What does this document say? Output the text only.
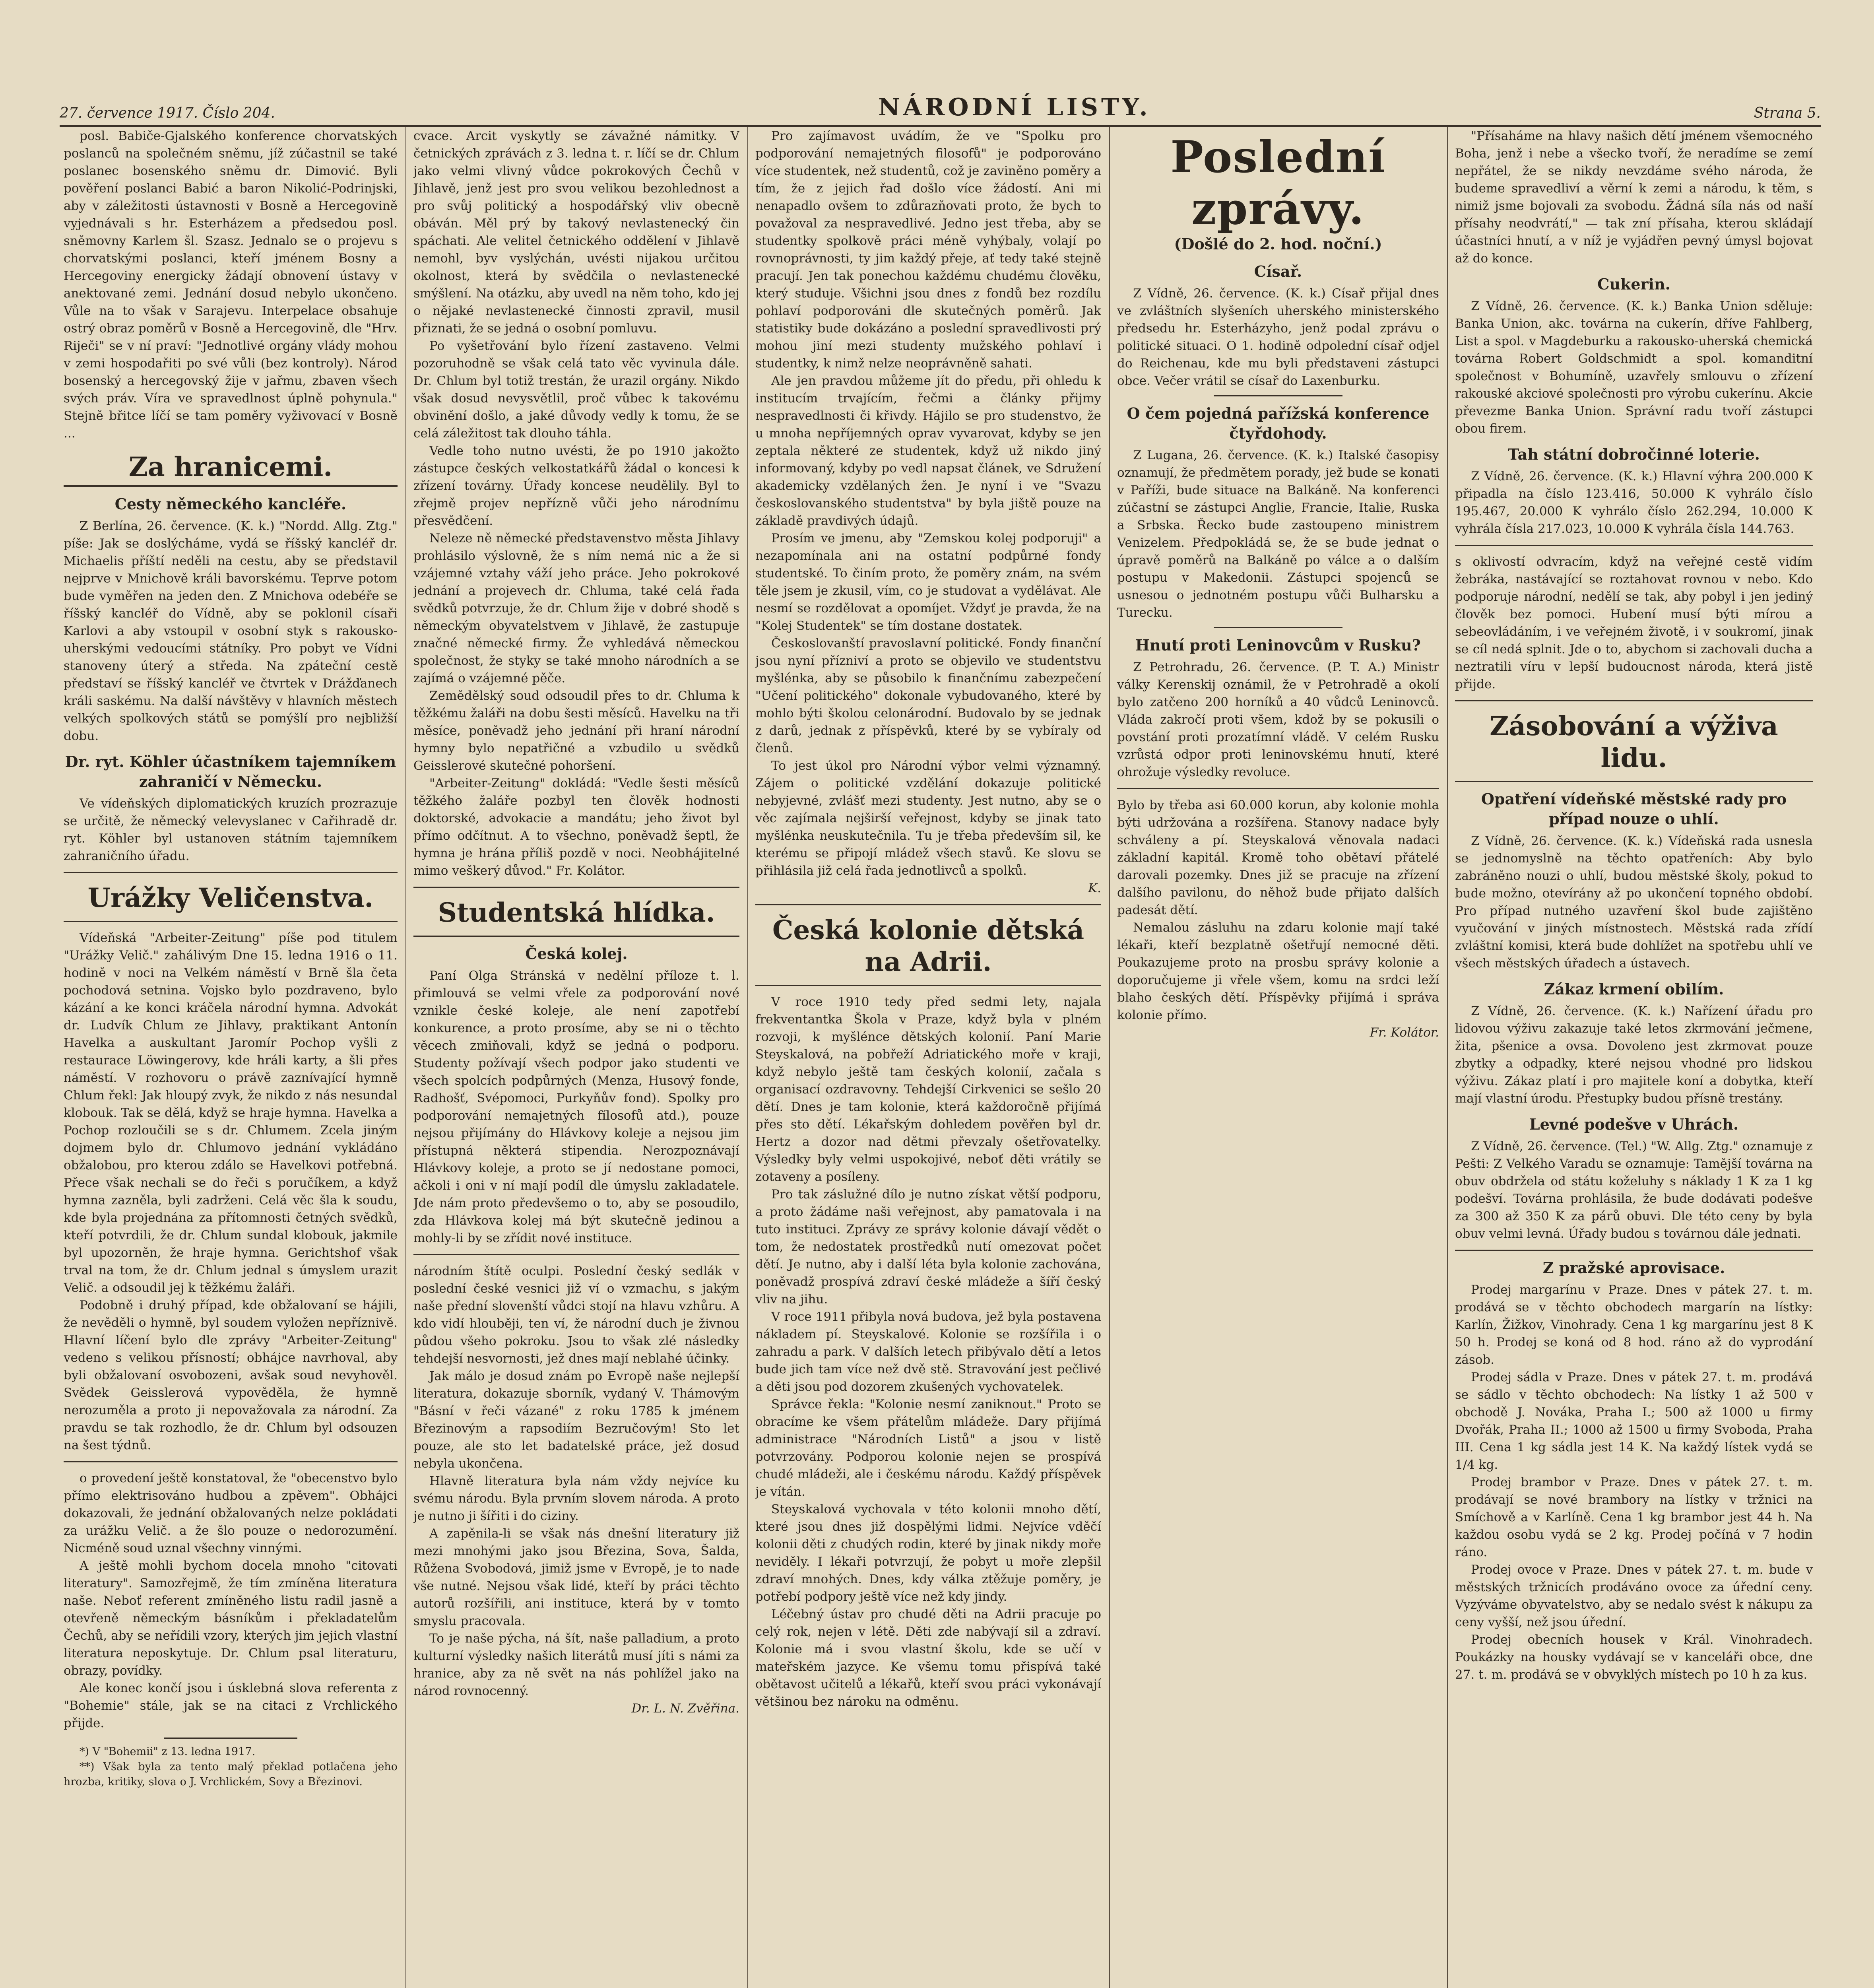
27. července 1917. Číslo 204.	NÁRODNÍ LISTY.	Strana 5.

posl. Babiče-Gjalského konference chorvatských poslanců na společném sněmu, jíž zúčastnil se také poslanec bosenského sněmu dr. Dimović. Byli pověření poslanci Babić a baron Nikolić-Podrinjski, aby v záležitosti ústavnosti v Bosně a Hercegovině vyjednávali s hr. Esterházem a předsedou posl. sněmovny Karlem šl. Szasz. Jednalo se o projevu s chorvatskými poslanci, kteří jménem Bosny a Hercegoviny energicky žádají obnovení ústavy v anektované zemi. Jednání dosud nebylo ukončeno. Vůle na to však v Sarajevu. Interpelace obsahuje ostrý obraz poměrů v Bosně a Hercegovině, dle "Hrv. Riječi" se v ní praví: "Jednotlivé orgány vlády mohou v zemi hospodařiti po své vůli (bez kontroly). Národ bosenský a hercegovský žije v jařmu, zbaven všech svých práv. Víra ve spravedlnost úplně pohynula." Stejně břitce líčí se tam poměry vyživovací v Bosně ...

Za hranicemi.
Cesty německého kancléře.

Z Berlína, 26. července. (K. k.) "Nordd. Allg. Ztg." píše: Jak se doslýcháme, vydá se říšský kancléř dr. Michaelis příští neděli na cestu, aby se představil nejprve v Mnichově králi bavorskému. Teprve potom bude vyměřen na jeden den. Z Mnichova odebéře se říšský kancléř do Vídně, aby se poklonil císaři Karlovi a aby vstoupil v osobní styk s rakousko-uherskými vedoucími státníky. Pro pobyt ve Vídni stanoveny úterý a středa. Na zpáteční cestě představí se říšský kancléř ve čtvrtek v Drážďanech králi saskému. Na další návštěvy v hlavních městech velkých spolkových států se pomýšlí pro nejbližší dobu.

Dr. ryt. Köhler účastníkem tajemníkem zahraničí v Německu.

Ve vídeňských diplomatických kruzích prozrazuje se určitě, že německý velevyslanec v Cařihradě dr. ryt. Köhler byl ustanoven státním tajemníkem zahraničního úřadu.

Urážky Veličenstva.

Vídeňská "Arbeiter-Zeitung" píše pod titulem "Urážky Velič." zahálivým Dne 15. ledna 1916 o 11. hodině v noci na Velkém náměstí v Brně šla četa pochodová setnina. Vojsko bylo pozdraveno, bylo kázání a ke konci kráčela národní hymna. Advokát dr. Ludvík Chlum ze Jihlavy, praktikant Antonín Havelka a auskultant Jaromír Pochop vyšli z restaurace Löwingerovy, kde hráli karty, a šli přes náměstí. V rozhovoru o právě zaznívající hymně Chlum řekl: Jak hloupý zvyk, že nikdo z nás nesundal klobouk. Tak se dělá, když se hraje hymna. Havelka a Pochop rozloučili se s dr. Chlumem. Zcela jiným dojmem bylo dr. Chlumovo jednání vykládáno obžalobou, pro kterou zdálo se Havelkovi potřebná. Přece však nechali se do řeči s poručíkem, a když hymna zazněla, byli zadrženi. Celá věc šla k soudu, kde byla projednána za přítomnosti četných svědků, kteří potvrdili, že dr. Chlum sundal klobouk, jakmile byl upozorněn, že hraje hymna. Gerichtshof však trval na tom, že dr. Chlum jednal s úmyslem urazit Velič. a odsoudil jej k těžkému žaláři.

Podobně i druhý případ, kde obžalovaní se hájili, že nevěděli o hymně, byl soudem vyložen nepříznivě. Hlavní líčení bylo dle zprávy "Arbeiter-Zeitung" vedeno s velikou přísností; obhájce navrhoval, aby byli obžalovaní osvobozeni, avšak soud nevyhověl. Svědek Geisslerová vypověděla, že hymně nerozuměla a proto ji nepovažovala za národní. Za pravdu se tak rozhodlo, že dr. Chlum byl odsouzen na šest týdnů.

o provedení ještě konstatoval, že "obecenstvo bylo přímo elektrisováno hudbou a zpěvem". Obhájci dokazovali, že jednání obžalovaných nelze pokládati za urážku Velič. a že šlo pouze o nedorozumění. Nicméně soud uznal všechny vinnými.

A ještě mohli bychom docela mnoho "citovati literatury". Samozřejmě, že tím zmíněna literatura naše. Neboť referent zmíněného listu radil jasně a otevřeně německým básníkům i překladatelům Čechů, aby se neřídili vzory, kterých jim jejich vlastní literatura neposkytuje. Dr. Chlum psal literaturu, obrazy, povídky.

Ale konec končí jsou i úsklebná slova referenta z "Bohemie" stále, jak se na citaci z Vrchlického přijde.

*) V "Bohemii" z 13. ledna 1917.

**) Však byla za tento malý překlad potlačena jeho hrozba, kritiky, slova o J. Vrchlickém, Sovy a Březinovi.

cvace. Arcit vyskytly se závažné námitky. V četnických zprávách z 3. ledna t. r. líčí se dr. Chlum jako velmi vlivný vůdce pokrokových Čechů v Jihlavě, jenž jest pro svou velikou bezohlednost a pro svůj politický a hospodářský vliv obecně obáván. Měl prý by takový nevlastenecký čin spáchati. Ale velitel četnického oddělení v Jihlavě nemohl, byv vyslýchán, uvésti nijakou určitou okolnost, která by svědčila o nevlastenecké smýšlení. Na otázku, aby uvedl na něm toho, kdo jej o nějaké nevlastenecké činnosti zpravil, musil přiznati, že se jedná o osobní pomluvu.

Po vyšetřování bylo řízení zastaveno. Velmi pozoruhodně se však celá tato věc vyvinula dále. Dr. Chlum byl totiž trestán, že urazil orgány. Nikdo však dosud nevysvětlil, proč vůbec k takovému obvinění došlo, a jaké důvody vedly k tomu, že se celá záležitost tak dlouho táhla.

Vedle toho nutno uvésti, že po 1910 jakožto zástupce českých velkostatkářů žádal o koncesi k zřízení továrny. Úřady koncese neudělily. Byl to zřejmě projev nepřízně vůči jeho národnímu přesvědčení.

Neleze ně německé představenstvo města Jihlavy prohlásilo výslovně, že s ním nemá nic a že si vzájemné vztahy váží jeho práce. Jeho pokrokové jednání a projevech dr. Chluma, také celá řada svědků potvrzuje, že dr. Chlum žije v dobré shodě s německým obyvatelstvem v Jihlavě, že zastupuje značné německé firmy. Že vyhledává německou společnost, že styky se také mnoho národních a se zajímá o vzájemné pěče.

Zemědělský soud odsoudil přes to dr. Chluma k těžkému žaláři na dobu šesti měsíců. Havelku na tři měsíce, poněvadž jeho jednání při hraní národní hymny bylo nepatřičné a vzbudilo u svědků Geisslerové skutečné pohoršení.

"Arbeiter-Zeitung" dokládá: "Vedle šesti měsíců těžkého žaláře pozbyl ten člověk hodnosti doktorské, advokacie a mandátu; jeho život byl přímo odčítnut. A to všechno, poněvadž šeptl, že hymna je hrána příliš pozdě v noci. Neobhájitelné mimo veškerý důvod." Fr. Kolátor.

Studentská hlídka.
Česká kolej.

Paní Olga Stránská v nedělní příloze t. l. přimlouvá se velmi vřele za podporování nové vznikle české koleje, ale není zapotřebí konkurence, a proto prosíme, aby se ni o těchto věcech zmiňovali, když se jedná o podporu. Studenty požívají všech podpor jako studenti ve všech spolcích podpůrných (Menza, Husový fonde, Radhošť, Svépomoci, Purkyňův fond). Spolky pro podporování nemajetných fílosofů atd.), pouze nejsou přijímány do Hlávkovy koleje a nejsou jim přístupná některá stipendia. Nerozpoznávají Hlávkovy koleje, a proto se jí nedostane pomoci, ačkoli i oni v ní mají podíl dle úmyslu zakladatele. Jde nám proto předevšemo o to, aby se posoudilo, zda Hlávkova kolej má být skutečně jedinou a mohly-li by se zřídit nové instituce.

národním štítě oculpi. Poslední český sedlák v poslední české vesnici již ví o vzmachu, s jakým naše přední slovenští vůdci stojí na hlavu vzhůru. A kdo vidí hlouběji, ten ví, že národní duch je živnou půdou všeho pokroku. Jsou to však zlé následky tehdejší nesvornosti, jež dnes mají neblahé účinky.

Jak málo je dosud znám po Evropě naše nejlepší literatura, dokazuje sborník, vydaný V. Thámovým "Básní v řeči vázané" z roku 1785 k jménem Březinovým a rapsodiím Bezručovým! Sto let pouze, ale sto let badatelské práce, jež dosud nebyla ukončena.

Hlavně literatura byla nám vždy nejvíce ku svému národu. Byla prvním slovem národa. A proto je nutno ji šířiti i do ciziny.

A zapěnila-li se však nás dnešní literatury již mezi mnohými jako jsou Březina, Sova, Šalda, Růžena Svobodová, jimiž jsme v Evropě, je to nade vše nutné. Nejsou však lidé, kteří by práci těchto autorů rozšířili, ani instituce, která by v tomto smyslu pracovala.

To je naše pýcha, ná šít, naše palladium, a proto kulturní výsledky našich literátů musí jíti s námi za hranice, aby za ně svět na nás pohlížel jako na národ rovnocenný.

Dr. L. N. Zvěřina.

Pro zajímavost uvádím, že ve "Spolku pro podporování nemajetných filosofů" je podporováno více studentek, než studentů, což je zaviněno poměry a tím, že z jejich řad došlo více žádostí. Ani mi nenapadlo ovšem to zdůrazňovati proto, že bych to považoval za nespravedlivé. Jedno jest třeba, aby se studentky spolkově práci méně vyhýbaly, volají po rovnoprávnosti, ty jim každý přeje, ať tedy také stejně pracují. Jen tak ponechou každému chudému člověku, který studuje. Všichni jsou dnes z fondů bez rozdílu pohlaví podporováni dle skutečných poměrů. Jak statistiky bude dokázáno a poslední spravedlivosti prý mohou jiní mezi studenty mužského pohlaví i studentky, k nimž nelze neoprávněně sahati.

Ale jen pravdou můžeme jít do předu, při ohledu k institucím trvajícím, řečmi a články přijmy nespravedlnosti či křivdy. Hájilo se pro studenstvo, že u mnoha nepříjemných oprav vyvarovat, kdyby se jen zeptala některé ze studentek, když už nikdo jiný informovaný, kdyby po vedl napsat článek, ve Sdružení akademicky vzdělaných žen. Je nyní i ve "Svazu českoslovanského studentstva" by byla jiště pouze na základě pravdivých údajů.

Prosím ve jmenu, aby "Zemskou kolej podporuji" a nezapomínala ani na ostatní podpůrné fondy studentské. To činím proto, že poměry znám, na svém těle jsem je zkusil, vím, co je studovat a vydělávat. Ale nesmí se rozdělovat a opomíjet. Vždyť je pravda, že na "Kolej Studentek" se tím dostane dostatek.

Českoslovanští pravoslavní politické. Fondy finanční jsou nyní přízniví a proto se objevilo ve studentstvu myšlénka, aby se působilo k finančnímu zabezpečení "Učení politického" dokonale vybudovaného, které by mohlo býti školou celonárodní. Budovalo by se jednak z darů, jednak z příspěvků, které by se vybíraly od členů.

To jest úkol pro Národní výbor velmi významný. Zájem o politické vzdělání dokazuje politické nebyjevné, zvlášť mezi studenty. Jest nutno, aby se o věc zajímala nejširší veřejnost, kdyby se jinak tato myšlénka neuskutečnila. Tu je třeba především sil, ke kterému se připojí mládež všech stavů. Ke slovu se přihlásila již celá řada jednotlivců a spolků.

K.

Česká kolonie dětská na Adrii.

V roce 1910 tedy před sedmi lety, najala frekventantka Škola v Praze, když byla v plném rozvoji, k myšlénce dětských kolonií. Paní Marie Steyskalová, na pobřeží Adriatického moře v kraji, když nebylo ještě tam českých kolonií, začala s organisací ozdravovny. Tehdejší Cirkvenici se sešlo 20 dětí. Dnes je tam kolonie, která každoročně přijímá přes sto dětí. Lékařským dohledem pověřen byl dr. Hertz a dozor nad dětmi převzaly ošetřovatelky. Výsledky byly velmi uspokojivé, neboť děti vrátily se zotaveny a posíleny.

Pro tak záslužné dílo je nutno získat větší podporu, a proto žádáme naši veřejnost, aby pamatovala i na tuto instituci. Zprávy ze správy kolonie dávají vědět o tom, že nedostatek prostředků nutí omezovat počet dětí. Je nutno, aby i další léta byla kolonie zachována, poněvadž prospívá zdraví české mládeže a šíří český vliv na jihu.

V roce 1911 přibyla nová budova, jež byla postavena nákladem pí. Steyskalové. Kolonie se rozšířila i o zahradu a park. V dalších letech přibývalo dětí a letos bude jich tam více než dvě stě. Stravování jest pečlivé a děti jsou pod dozorem zkušených vychovatelek.

Správce řekla: "Kolonie nesmí zaniknout." Proto se obracíme ke všem přátelům mládeže. Dary přijímá administrace "Národních Listů" a jsou v listě potvrzovány. Podporou kolonie nejen se prospívá chudé mládeži, ale i českému národu. Každý příspěvek je vítán.

Steyskalová vychovala v této kolonii mnoho dětí, které jsou dnes již dospělými lidmi. Nejvíce vděčí kolonii děti z chudých rodin, které by jinak nikdy moře neviděly. I lékaři potvrzují, že pobyt u moře zlepšil zdraví mnohých. Dnes, kdy válka ztěžuje poměry, je potřebí podpory ještě více než kdy jindy.

Léčebný ústav pro chudé děti na Adrii pracuje po celý rok, nejen v létě. Děti zde nabývají sil a zdraví. Kolonie má i svou vlastní školu, kde se učí v mateřském jazyce. Ke všemu tomu přispívá také obětavost učitelů a lékařů, kteří svou práci vykonávají většinou bez nároku na odměnu.

Poslední zprávy.
(Došlé do 2. hod. noční.)
Císař.

Z Vídně, 26. července. (K. k.) Císař přijal dnes ve zvláštních slyšeních uherského ministerského předsedu hr. Esterházyho, jenž podal zprávu o politické situaci. O 1. hodině odpolední císař odjel do Reichenau, kde mu byli představeni zástupci obce. Večer vrátil se císař do Laxenburku.

O čem pojedná pařížská konference čtyřdohody.

Z Lugana, 26. července. (K. k.) Italské časopisy oznamují, že předmětem porady, jež bude se konati v Paříži, bude situace na Balkáně. Na konferenci zúčastní se zástupci Anglie, Francie, Italie, Ruska a Srbska. Řecko bude zastoupeno ministrem Venizelem. Předpokládá se, že se bude jednat o úpravě poměrů na Balkáně po válce a o dalším postupu v Makedonii. Zástupci spojenců se usnesou o jednotném postupu vůči Bulharsku a Turecku.

Hnutí proti Leninovcům v Rusku?

Z Petrohradu, 26. července. (P. T. A.) Ministr války Kerenskij oznámil, že v Petrohradě a okolí bylo zatčeno 200 horníků a 40 vůdců Leninovců. Vláda zakročí proti všem, kdož by se pokusili o povstání proti prozatímní vládě. V celém Rusku vzrůstá odpor proti leninovskému hnutí, které ohrožuje výsledky revoluce.

Bylo by třeba asi 60.000 korun, aby kolonie mohla býti udržována a rozšířena. Stanovy nadace byly schváleny a pí. Steyskalová věnovala nadaci základní kapitál. Kromě toho obětaví přátelé darovali pozemky. Dnes již se pracuje na zřízení dalšího pavilonu, do něhož bude přijato dalších padesát dětí.

Nemalou zásluhu na zdaru kolonie mají také lékaři, kteří bezplatně ošetřují nemocné děti. Poukazujeme proto na prosbu správy kolonie a doporučujeme ji vřele všem, komu na srdci leží blaho českých dětí. Příspěvky přijímá i správa kolonie přímo.

Fr. Kolátor.

"Přísaháme na hlavy našich dětí jménem všemocného Boha, jenž i nebe a všecko tvoří, že neradíme se zemí nepřátel, že se nikdy nevzdáme svého národa, že budeme spravedliví a věrní k zemi a národu, k těm, s nimiž jsme bojovali za svobodu. Žádná síla nás od naší přísahy neodvrátí," — tak zní přísaha, kterou skládají účastníci hnutí, a v níž je vyjádřen pevný úmysl bojovat až do konce.

Cukerin.

Z Vídně, 26. července. (K. k.) Banka Union sděluje: Banka Union, akc. továrna na cukerín, dříve Fahlberg, List a spol. v Magdeburku a rakousko-uherská chemická továrna Robert Goldschmidt a spol. komanditní společnost v Bohumíně, uzavřely smlouvu o zřízení rakouské akciové společnosti pro výrobu cukerínu. Akcie převezme Banka Union. Správní radu tvoří zástupci obou firem.

Tah státní dobročinné loterie.

Z Vídně, 26. července. (K. k.) Hlavní výhra 200.000 K připadla na číslo 123.416, 50.000 K vyhrálo číslo 195.467, 20.000 K vyhrálo číslo 262.294, 10.000 K vyhrála čísla 217.023, 10.000 K vyhrála čísla 144.763.

s oklivostí odvracím, když na veřejné cestě vidím žebráka, nastávající se roztahovat rovnou v nebo. Kdo podporuje národní, nedělí se tak, aby pobyl i jen jediný člověk bez pomoci. Hubení musí býti mírou a sebeovládáním, i ve veřejném životě, i v soukromí, jinak se cíl nedá splnit. Jde o to, abychom si zachovali ducha a neztratili víru v lepší budoucnost národa, která jistě přijde.

Zásobování a výživa lidu.
Opatření vídeňské městské rady pro případ nouze o uhlí.

Z Vídně, 26. července. (K. k.) Vídeňská rada usnesla se jednomyslně na těchto opatřeních: Aby bylo zabráněno nouzi o uhlí, budou městské školy, pokud to bude možno, otevírány až po ukončení topného období. Pro případ nutného uzavření škol bude zajištěno vyučování v jiných místnostech. Městská rada zřídí zvláštní komisi, která bude dohlížet na spotřebu uhlí ve všech městských úřadech a ústavech.

Zákaz krmení obilím.

Z Vídně, 26. července. (K. k.) Nařízení úřadu pro lidovou výživu zakazuje také letos zkrmování ječmene, žita, pšenice a ovsa. Dovoleno jest zkrmovat pouze zbytky a odpadky, které nejsou vhodné pro lidskou výživu. Zákaz platí i pro majitele koní a dobytka, kteří mají vlastní úrodu. Přestupky budou přísně trestány.

Levné podešve v Uhrách.

Z Vídně, 26. července. (Tel.) "W. Allg. Ztg." oznamuje z Pešti: Z Velkého Varadu se oznamuje: Tamější továrna na obuv obdržela od státu koželuhy s náklady 1 K za 1 kg podešví. Továrna prohlásila, že bude dodávati podešve za 300 až 350 K za párů obuvi. Dle této ceny by byla obuv velmi levná. Úřady budou s továrnou dále jednati.

Z pražské aprovisace.

Prodej margarínu v Praze. Dnes v pátek 27. t. m. prodává se v těchto obchodech margarín na lístky: Karlín, Žižkov, Vinohrady. Cena 1 kg margarínu jest 8 K 50 h. Prodej se koná od 8 hod. ráno až do vyprodání zásob.

Prodej sádla v Praze. Dnes v pátek 27. t. m. prodává se sádlo v těchto obchodech: Na lístky 1 až 500 v obchodě J. Nováka, Praha I.; 500 až 1000 u firmy Dvořák, Praha II.; 1000 až 1500 u firmy Svoboda, Praha III. Cena 1 kg sádla jest 14 K. Na každý lístek vydá se 1/4 kg.

Prodej brambor v Praze. Dnes v pátek 27. t. m. prodávají se nové brambory na lístky v tržnici na Smíchově a v Karlíně. Cena 1 kg brambor jest 44 h. Na každou osobu vydá se 2 kg. Prodej počíná v 7 hodin ráno.

Prodej ovoce v Praze. Dnes v pátek 27. t. m. bude v městských tržnicích prodáváno ovoce za úřední ceny. Vyzýváme obyvatelstvo, aby se nedalo svést k nákupu za ceny vyšší, než jsou úřední.

Prodej obecních housek v Král. Vinohradech. Poukázky na housky vydávají se v kanceláři obce, dne 27. t. m. prodává se v obvyklých místech po 10 h za kus.
